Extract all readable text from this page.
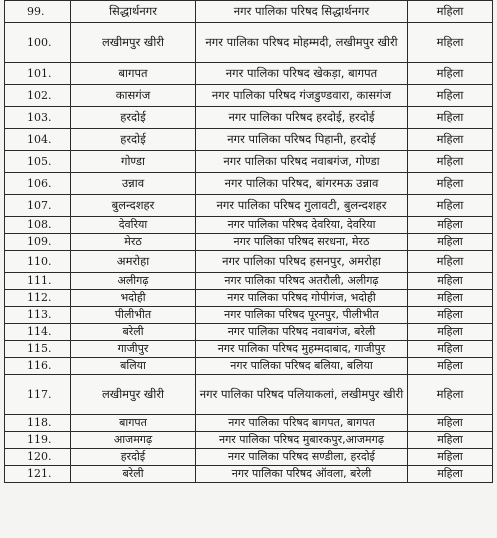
99.	सिद्धार्थनगर	नगर पालिका परिषद सिद्धार्थनगर	महिला
100.	लखीमपुर खीरी	नगर पालिका परिषद मोहम्मदी, लखीमपुर खीरी	महिला
101.	बागपत	नगर पालिका परिषद खेकड़ा, बागपत	महिला
102.	कासगंज	नगर पालिका परिषद गंजडुण्डवारा, कासगंज	महिला
103.	हरदोई	नगर पालिका परिषद हरदोई, हरदोई	महिला
104.	हरदोई	नगर पालिका परिषद पिहानी, हरदोई	महिला
105.	गोण्डा	नगर पालिका परिषद नवाबगंज, गोण्डा	महिला
106.	उन्नाव	नगर पालिका परिषद, बांगरमऊ उन्नाव	महिला
107.	बुलन्दशहर	नगर पालिका परिषद गुलावटी, बुलन्दशहर	महिला
108.	देवरिया	नगर पालिका परिषद देवरिया, देवरिया	महिला
109.	मेरठ	नगर पालिका परिषद सरधना, मेरठ	महिला
110.	अमरोहा	नगर पालिका परिषद हसनपुर, अमरोहा	महिला
111.	अलीगढ़	नगर पालिका परिषद अतरौली, अलीगढ़	महिला
112.	भदोही	नगर पालिका परिषद गोपीगंज, भदोही	महिला
113.	पीलीभीत	नगर पालिका परिषद पूरनपुर, पीलीभीत	महिला
114.	बरेली	नगर पालिका परिषद नवाबगंज, बरेली	महिला
115.	गाजीपुर	नगर पालिका परिषद मुहम्मदाबाद, गाजीपुर	महिला
116.	बलिया	नगर पालिका परिषद बलिया, बलिया	महिला
117.	लखीमपुर खीरी	नगर पालिका परिषद पलियाकलां, लखीमपुर खीरी	महिला
118.	बागपत	नगर पालिका परिषद बागपत, बागपत	महिला
119.	आजमगढ़	नगर पालिका परिषद मुबारकपुर,आजमगढ़	महिला
120.	हरदोई	नगर पालिका परिषद सण्डीला, हरदोई	महिला
121.	बरेली	नगर पालिका परिषद ऑवला, बरेली	महिला
